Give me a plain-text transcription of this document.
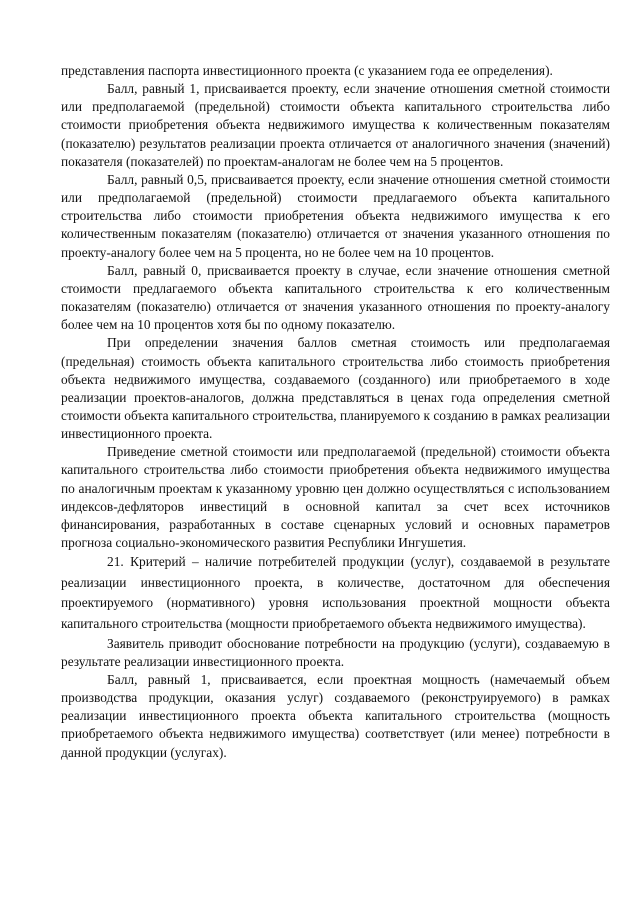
представления паспорта инвестиционного проекта (с указанием года ее определения).

Балл, равный 1, присваивается проекту, если значение отношения сметной стоимости или предполагаемой (предельной) стоимости объекта капитального строительства либо стоимости приобретения объекта недвижимого имущества к количественным показателям (показателю) результатов реализации проекта отличается от аналогичного значения (значений) показателя (показателей) по проектам-аналогам не более чем на 5 процентов.

Балл, равный 0,5, присваивается проекту, если значение отношения сметной стоимости или предполагаемой (предельной) стоимости предлагаемого объекта капитального строительства либо стоимости приобретения объекта недвижимого имущества к его количественным показателям (показателю) отличается от значения указанного отношения по проекту-аналогу более чем на 5 процента, но не более чем на 10 процентов.

Балл, равный 0, присваивается проекту в случае, если значение отношения сметной стоимости предлагаемого объекта капитального строительства к его количественным показателям (показателю) отличается от значения указанного отношения по проекту-аналогу более чем на 10 процентов хотя бы по одному показателю.

При определении значения баллов сметная стоимость или предполагаемая (предельная) стоимость объекта капитального строительства либо стоимость приобретения объекта недвижимого имущества, создаваемого (созданного) или приобретаемого в ходе реализации проектов-аналогов, должна представляться в ценах года определения сметной стоимости объекта капитального строительства, планируемого к созданию в рамках реализации инвестиционного проекта.

Приведение сметной стоимости или предполагаемой (предельной) стоимости объекта капитального строительства либо стоимости приобретения объекта недвижимого имущества по аналогичным проектам к указанному уровню цен должно осуществляться с использованием индексов-дефляторов инвестиций в основной капитал за счет всех источников финансирования, разработанных в составе сценарных условий и основных параметров прогноза социально-экономического развития Республики Ингушетия.

21. Критерий – наличие потребителей продукции (услуг), создаваемой в результате реализации инвестиционного проекта, в количестве, достаточном для обеспечения проектируемого (нормативного) уровня использования проектной мощности объекта капитального строительства (мощности приобретаемого объекта недвижимого имущества).

Заявитель приводит обоснование потребности на продукцию (услуги), создаваемую в результате реализации инвестиционного проекта.

Балл, равный 1, присваивается, если проектная мощность (намечаемый объем производства продукции, оказания услуг) создаваемого (реконструируемого) в рамках реализации инвестиционного проекта объекта капитального строительства (мощность приобретаемого объекта недвижимого имущества) соответствует (или менее) потребности в данной продукции (услугах).
